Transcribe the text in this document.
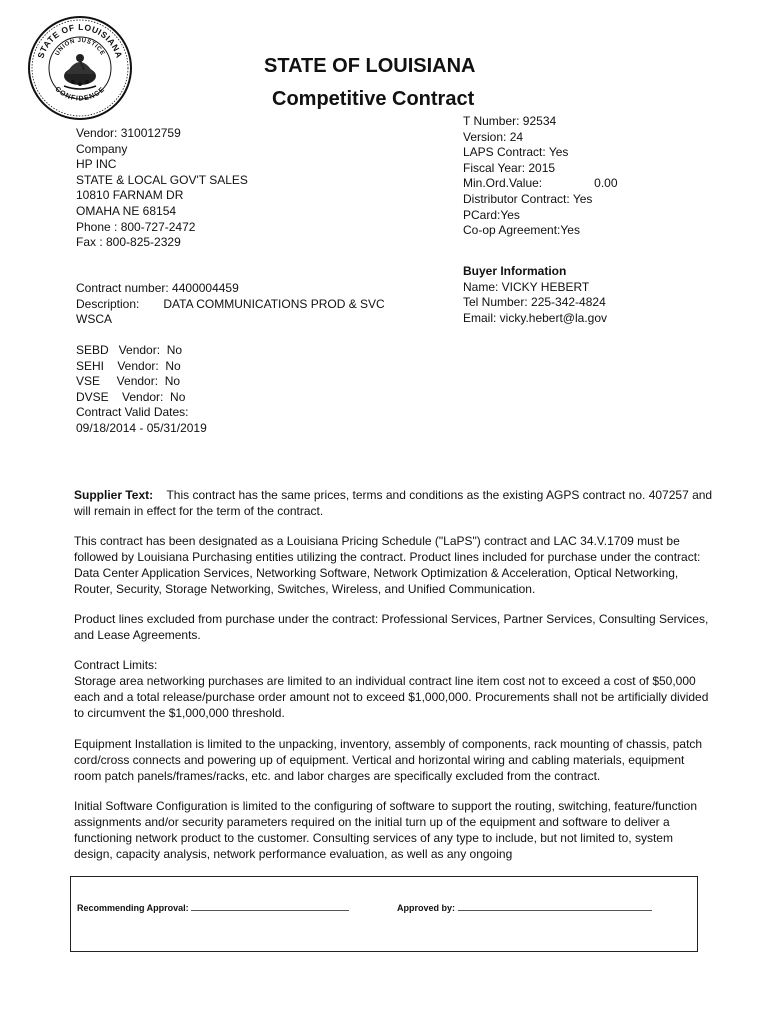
STATE OF LOUISIANA
UNION JUSTICE
CONFIDENCE
STATE OF LOUISIANA
Competitive Contract
Vendor: 310012759
Company
HP INC
STATE & LOCAL GOV'T SALES
10810 FARNAM DR
OMAHA NE 68154
Phone : 800-727-2472
Fax : 800-825-2329
T Number: 92534
Version: 24
LAPS Contract: Yes
Fiscal Year: 2015
Min.Ord.Value:	0.00
Distributor Contract: Yes
PCard:Yes
Co-op Agreement:Yes
Contract number: 4400004459
Description: DATA COMMUNICATIONS PROD & SVC
WSCA
Buyer Information
Name: VICKY HEBERT
Tel Number: 225-342-4824
Email: vicky.hebert@la.gov
SEBD   Vendor:  No
SEHI    Vendor:  No
VSE     Vendor:  No
DVSE    Vendor:  No
Contract Valid Dates:
09/18/2014 - 05/31/2019
Supplier Text: This contract has the same prices, terms and conditions as the existing AGPS contract no. 407257 and will remain in effect for the term of the contract.
This contract has been designated as a Louisiana Pricing Schedule ("LaPS") contract and LAC 34.V.1709 must be followed by Louisiana Purchasing entities utilizing the contract. Product lines included for purchase under the contract: Data Center Application Services, Networking Software, Network Optimization & Acceleration, Optical Networking, Router, Security, Storage Networking, Switches, Wireless, and Unified Communication.
Product lines excluded from purchase under the contract: Professional Services, Partner Services, Consulting Services, and Lease Agreements.
Contract Limits:
Storage area networking purchases are limited to an individual contract line item cost not to exceed a cost of $50,000 each and a total release/purchase order amount not to exceed $1,000,000. Procurements shall not be artificially divided to circumvent the $1,000,000 threshold.
Equipment Installation is limited to the unpacking, inventory, assembly of components, rack mounting of chassis, patch cord/cross connects and powering up of equipment. Vertical and horizontal wiring and cabling materials, equipment room patch panels/frames/racks, etc. and labor charges are specifically excluded from the contract.
Initial Software Configuration is limited to the configuring of software to support the routing, switching, feature/function assignments and/or security parameters required on the initial turn up of the equipment and software to deliver a functioning network product to the customer. Consulting services of any type to include, but not limited to, system design, capacity analysis, network performance evaluation, as well as any ongoing
Recommending Approval:	Approved by:
